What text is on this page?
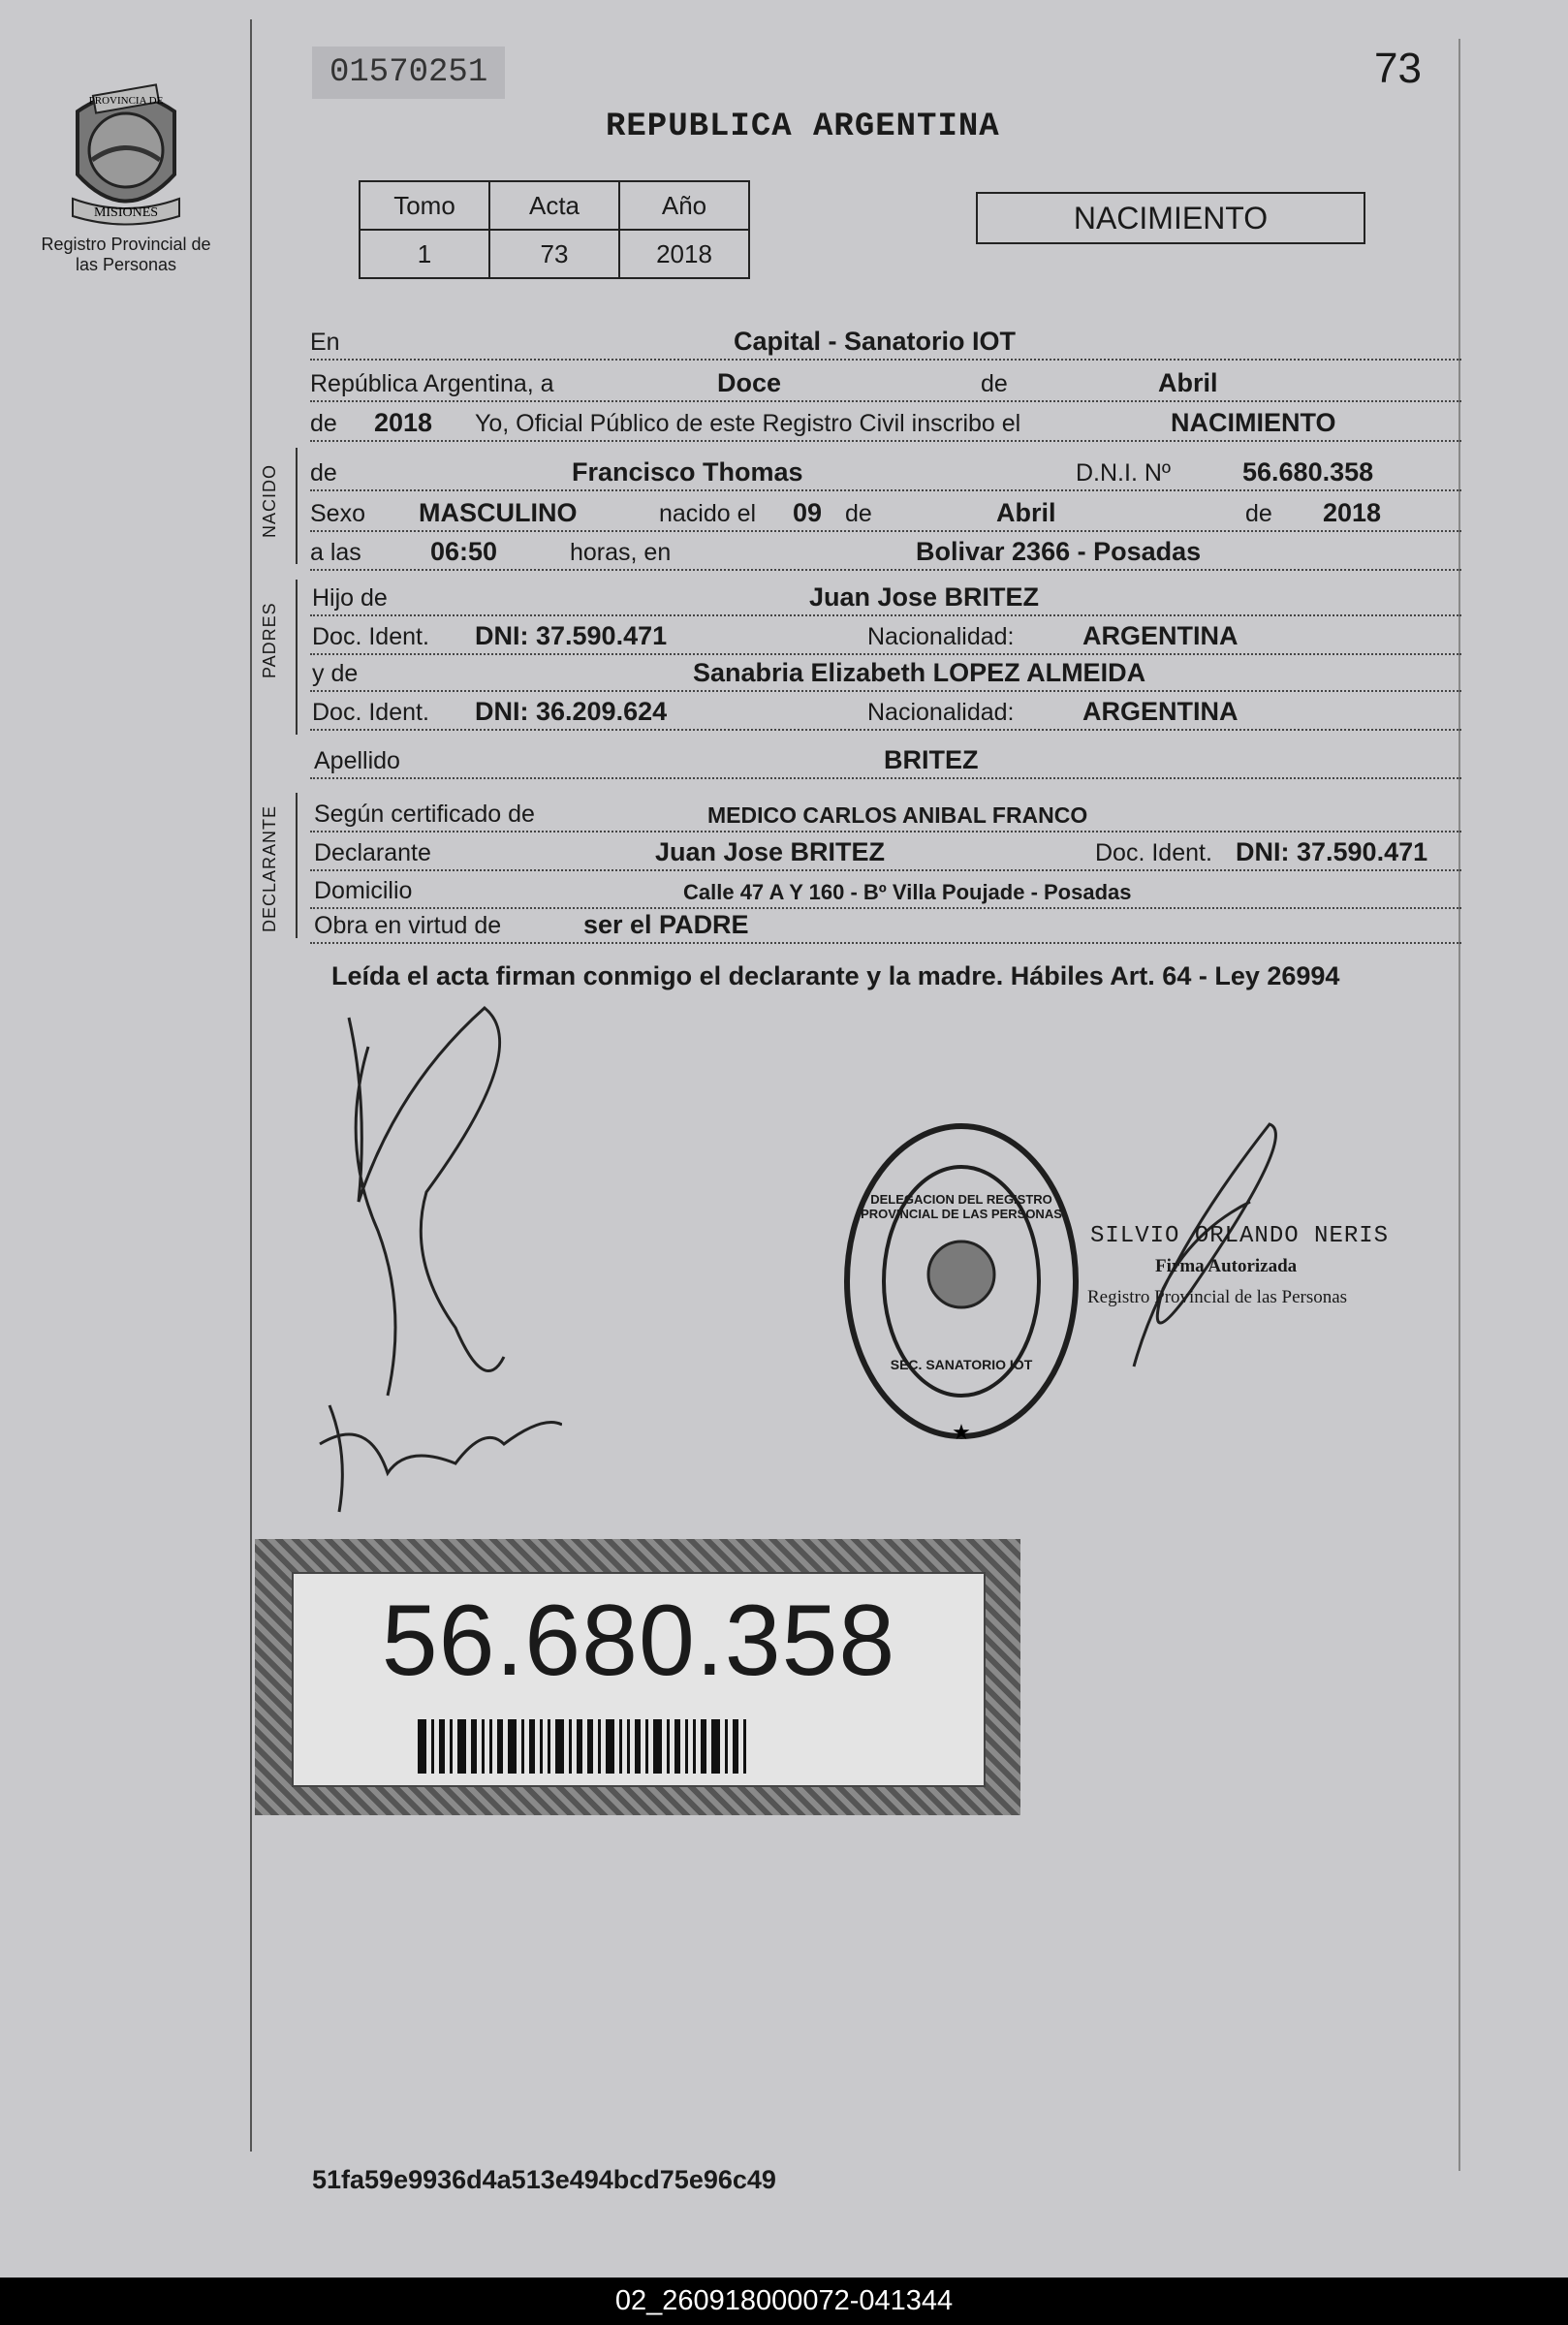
PROVINCIA DE
MISIONES
Registro Provincial de las Personas
01570251	73
REPUBLICA ARGENTINA
Tomo	Acta	Año
1	73	2018
NACIMIENTO
En	Capital - Sanatorio IOT
República Argentina, a	Doce	de	Abril
de 2018 Yo, Oficial Público de este Registro Civil inscribo el	NACIMIENTO
NACIDO de	Francisco Thomas	D.N.I. Nº	56.680.358
Sexo MASCULINO	nacido el 09 de	Abril	de 2018
a las	06:50	horas, en	Bolivar 2366 - Posadas
PADRES
Hijo de	Juan Jose BRITEZ
Doc. Ident. DNI: 37.590.471	Nacionalidad:	ARGENTINA
y de	Sanabria Elizabeth LOPEZ ALMEIDA
Doc. Ident. DNI: 36.209.624	Nacionalidad:	ARGENTINA
Apellido	BRITEZ
DECLARANTE Según certificado de	MEDICO CARLOS ANIBAL FRANCO
Declarante	Juan Jose BRITEZ	Doc. Ident. DNI: 37.590.471
Domicilio	Calle 47 A Y 160 - Bº Villa Poujade - Posadas
Obra en virtud de	ser el PADRE
Leída el acta firman conmigo el declarante y la madre. Hábiles Art. 64 - Ley 26994
★
DELEGACION DEL REGISTRO PROVINCIAL DE LAS PERSONAS
SEC. SANATORIO IOT
SILVIO ORLANDO NERIS
Firma Autorizada
Registro Provincial de las Personas
56.680.358
51fa59e9936d4a513e494bcd75e96c49
02_260918000072-041344
